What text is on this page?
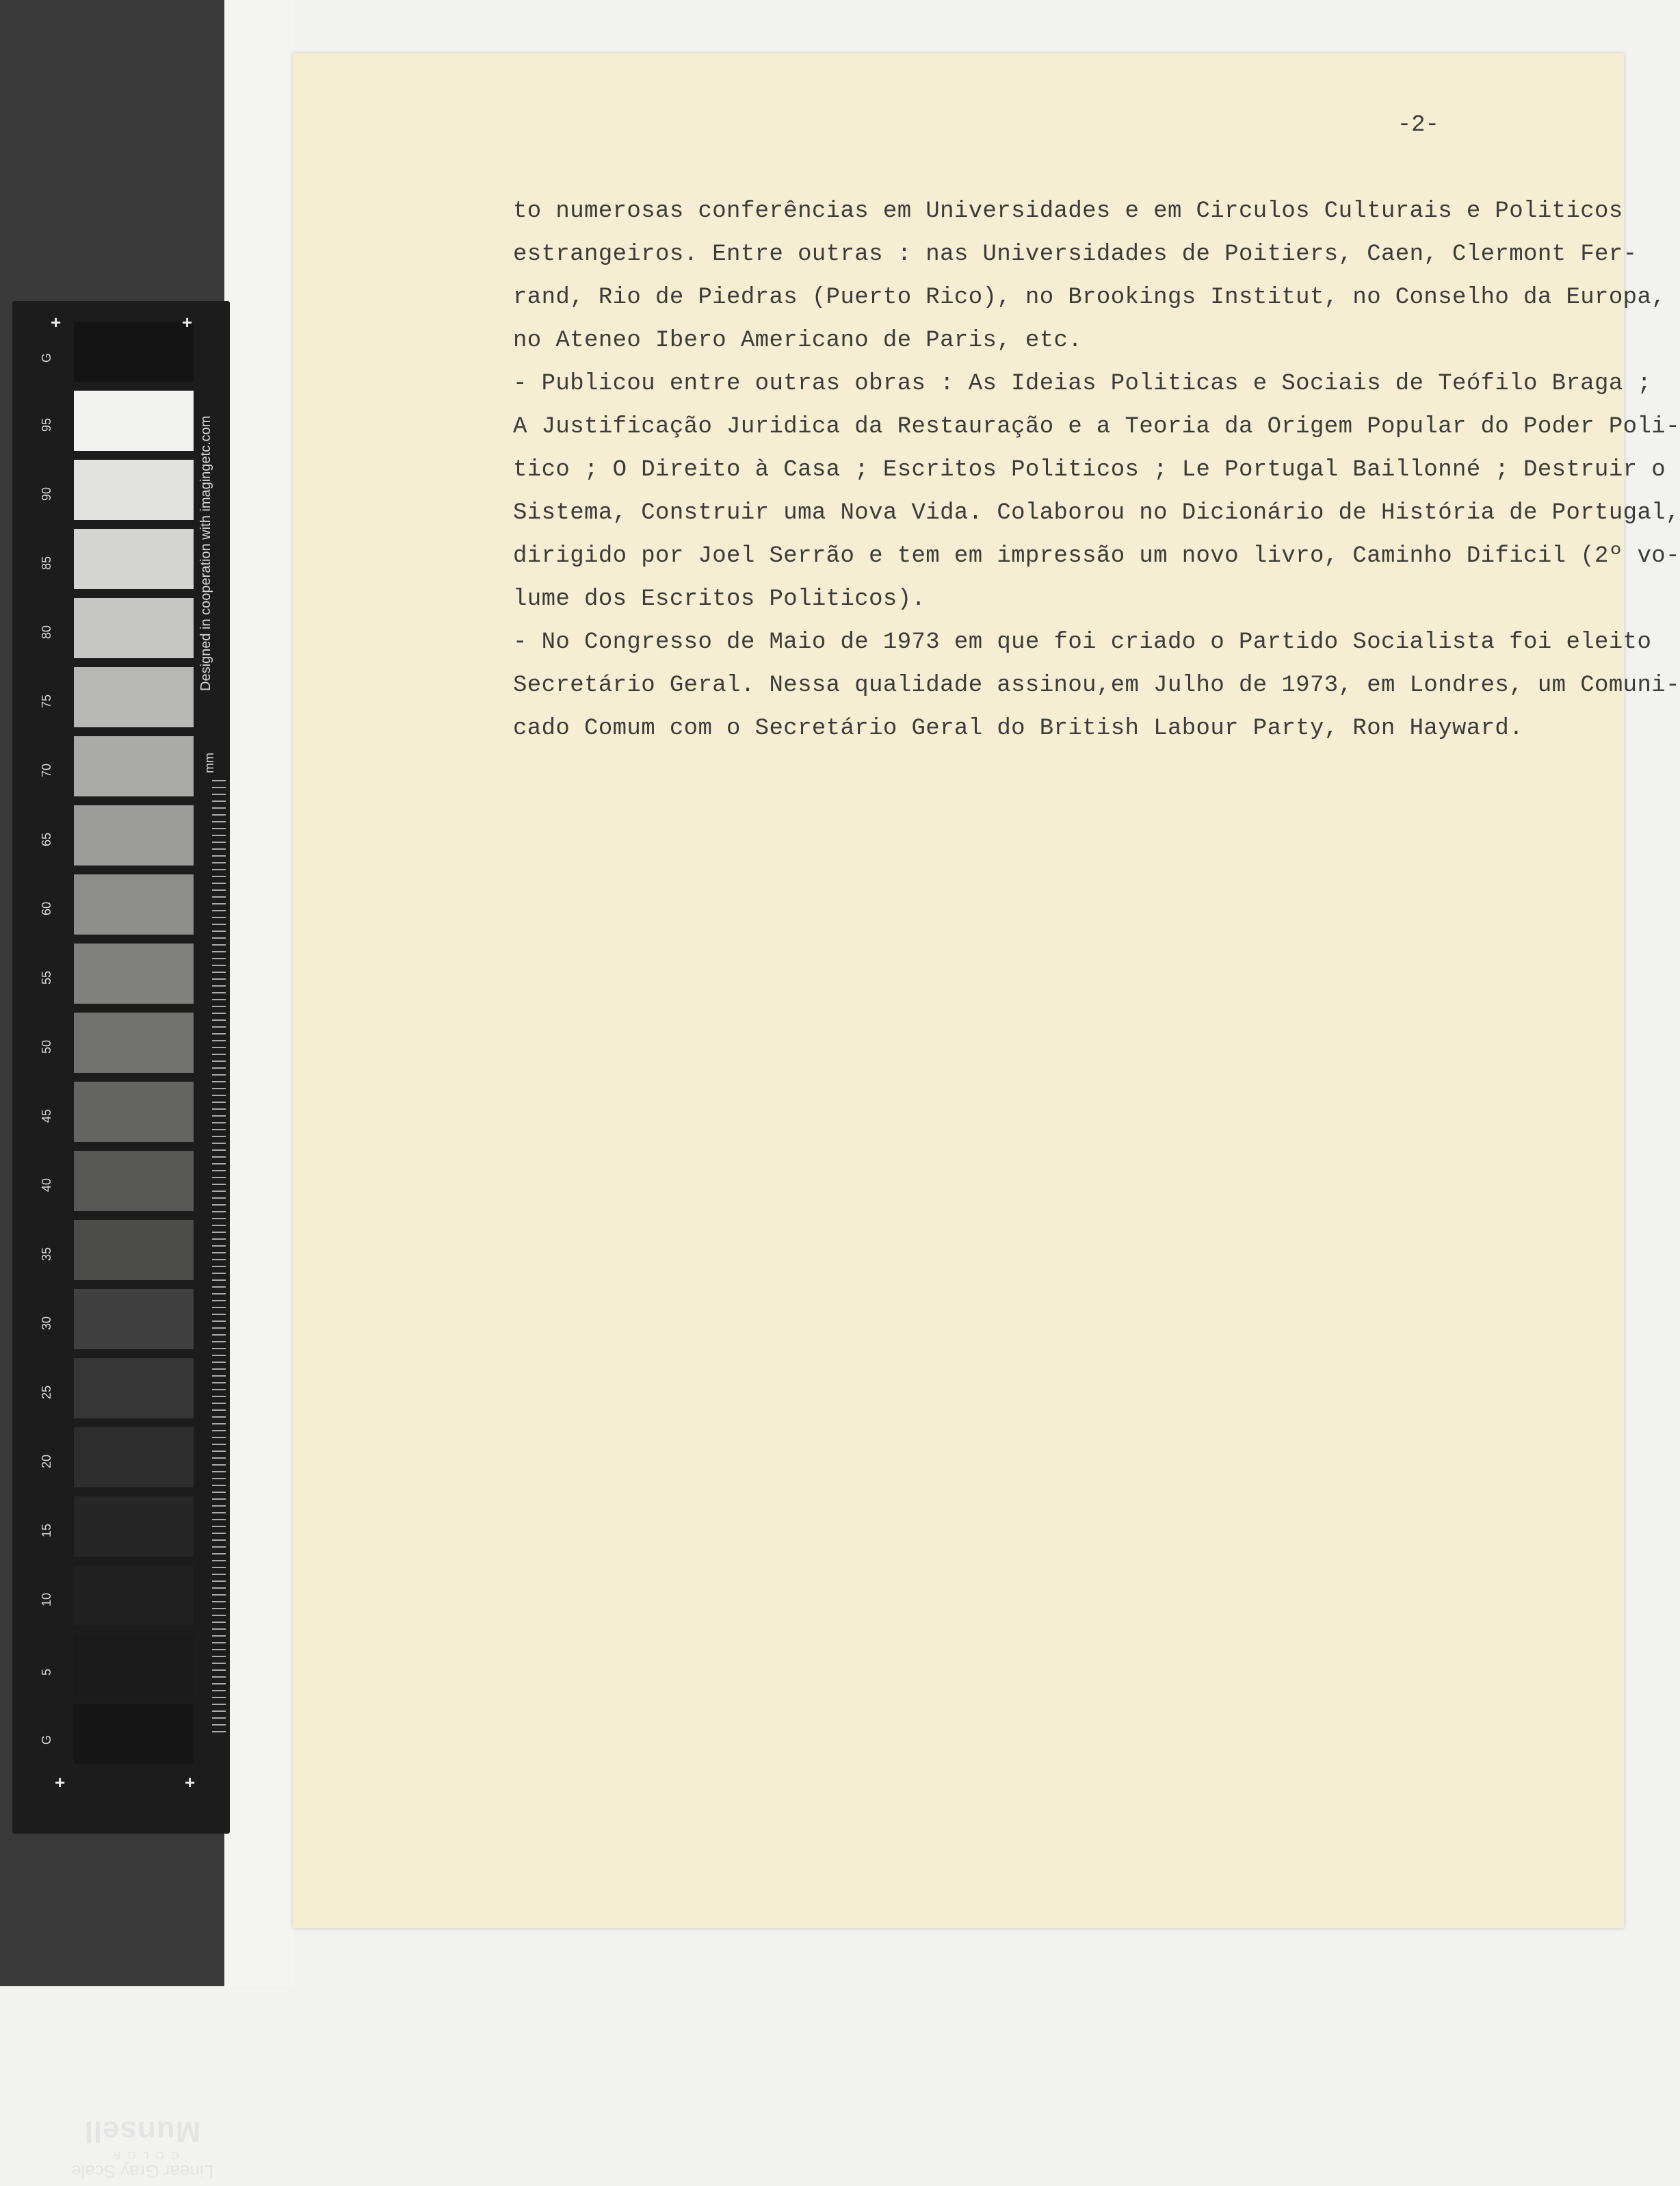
+	+
+	+
Linear Gray Scale
COLOR
Munsell
G
95
90
85
80
75
70
65
60
55
50
45
40
35
30
25
20
15
10
5
G
Designed in cooperation with imagingetc.com
mm
-2-
to numerosas conferências em Universidades e em Circulos Culturais e Politicos
estrangeiros. Entre outras : nas Universidades de Poitiers, Caen, Clermont Fer-
rand, Rio de Piedras (Puerto Rico), no Brookings Institut, no Conselho da Europa,
no Ateneo Ibero Americano de Paris, etc.
- Publicou entre outras obras : As Ideias Politicas e Sociais de Teófilo Braga ;
A Justificação Juridica da Restauração e a Teoria da Origem Popular do Poder Poli-
tico ; O Direito à Casa ; Escritos Politicos ; Le Portugal Baillonné ; Destruir o
Sistema, Construir uma Nova Vida. Colaborou no Dicionário de História de Portugal,
dirigido por Joel Serrão e tem em impressão um novo livro, Caminho Dificil (2º vo-
lume dos Escritos Politicos).
- No Congresso de Maio de 1973 em que foi criado o Partido Socialista foi eleito
Secretário Geral. Nessa qualidade assinou,em Julho de 1973, em Londres, um Comuni-
cado Comum com o Secretário Geral do British Labour Party, Ron Hayward.
